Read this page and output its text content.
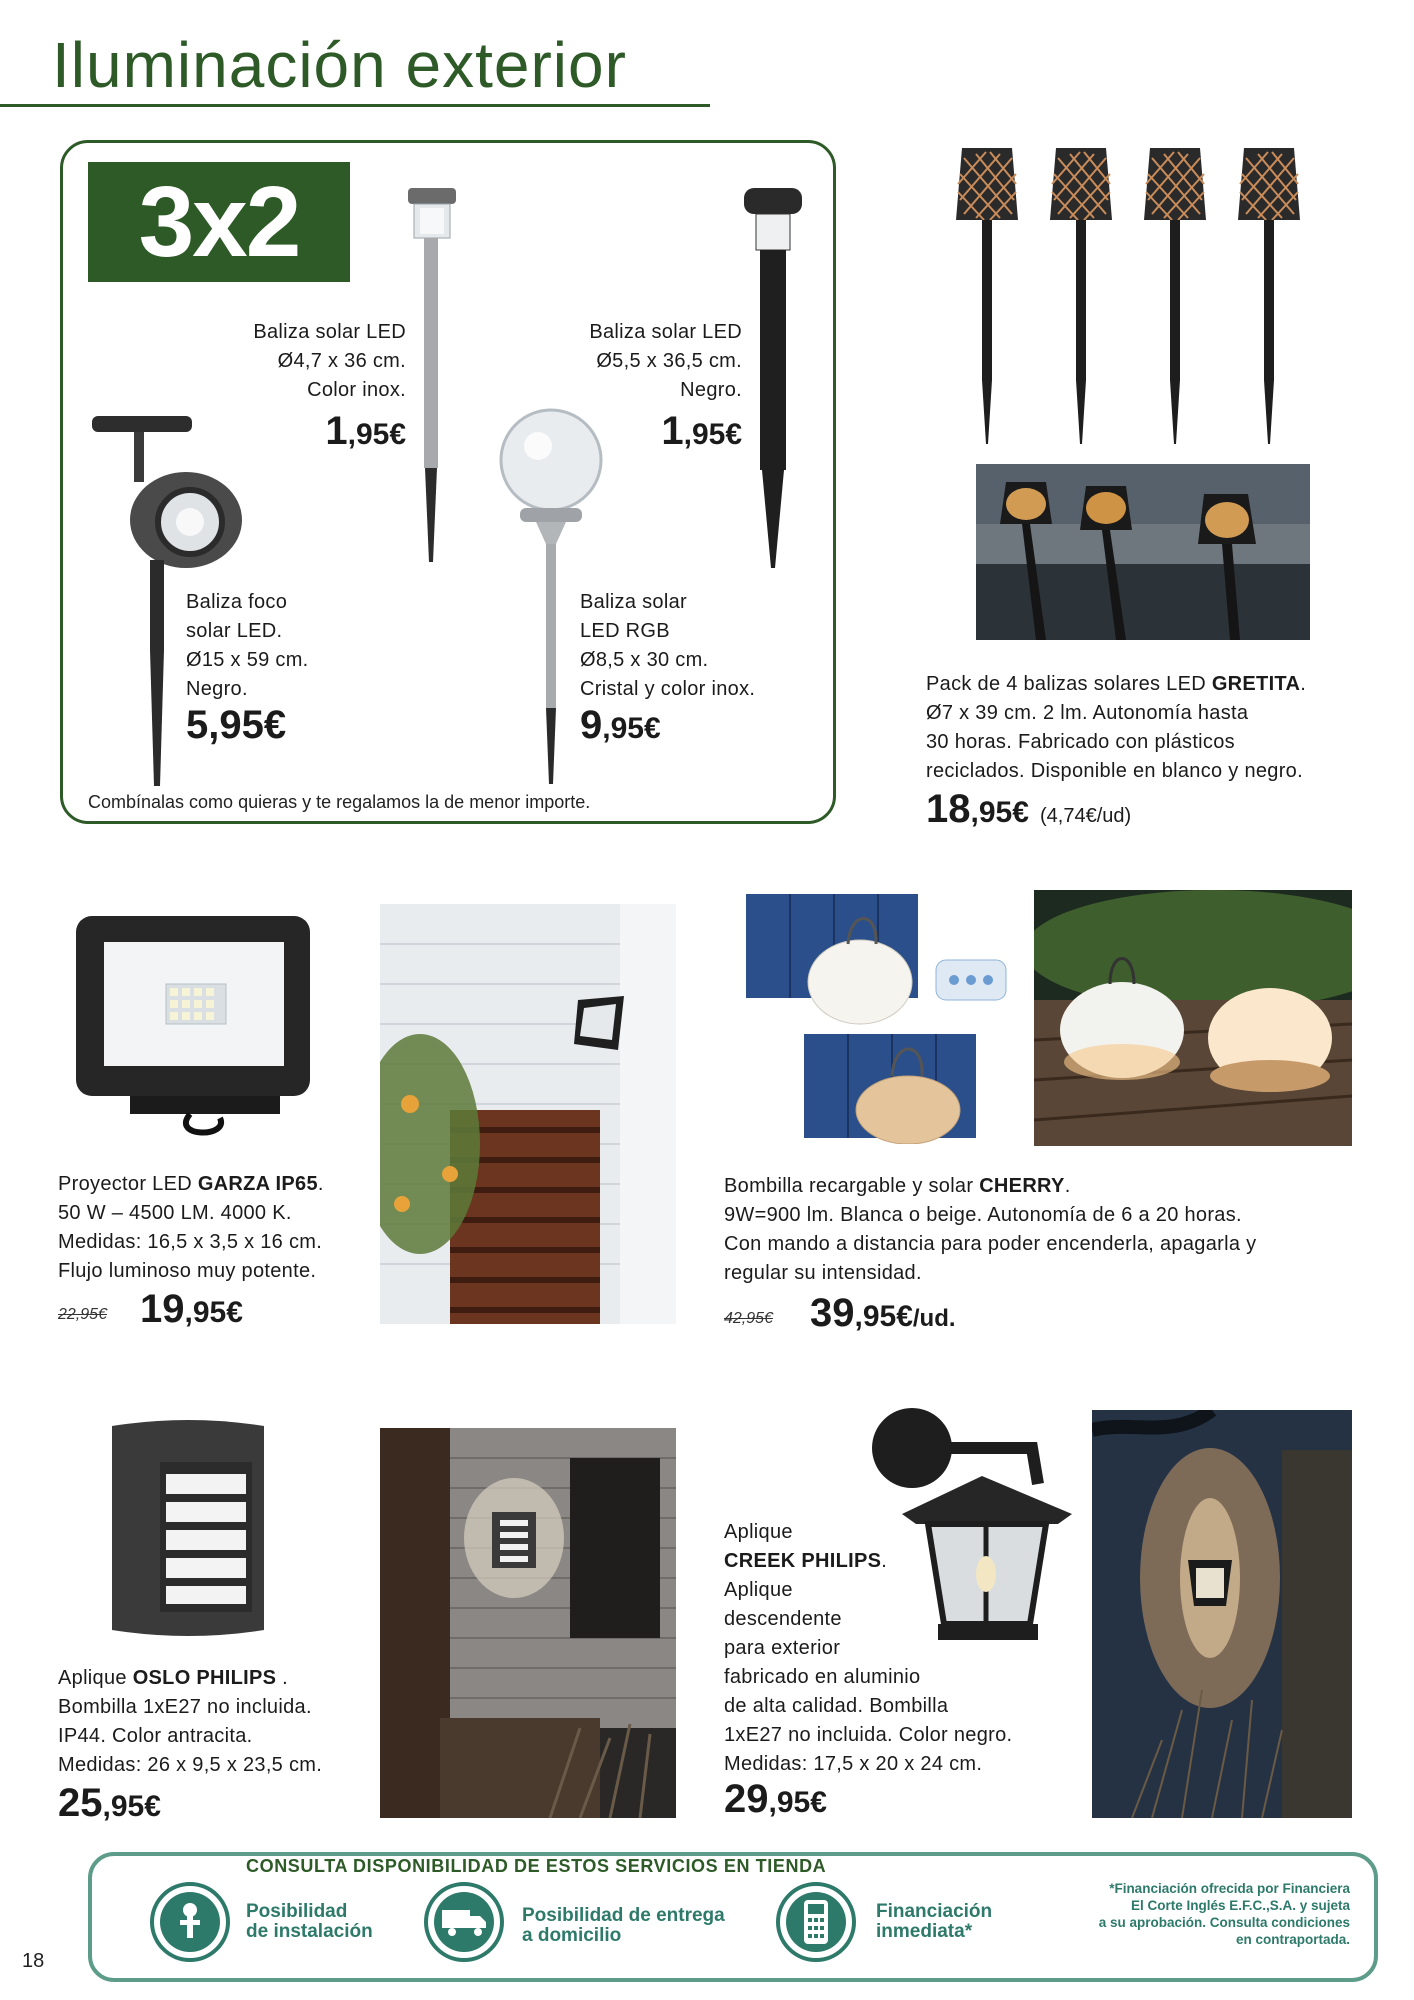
Iluminación exterior
3x2
Baliza solar LED
Ø4,7 x 36 cm.
Color inox.
1,95€
Baliza solar LED
Ø5,5 x 36,5 cm.
Negro.
1,95€
Baliza foco
solar LED.
Ø15 x 59 cm.
Negro.
5,95€
Baliza solar
LED RGB
Ø8,5 x 30 cm.
Cristal y color inox.
9,95€
Combínalas como quieras y te regalamos la de menor importe.
Pack de 4 balizas solares LED GRETITA.
Ø7 x 39 cm. 2 lm. Autonomía hasta
30 horas. Fabricado con plásticos
reciclados. Disponible en blanco y negro.
18,95€ (4,74€/ud)
Proyector LED GARZA IP65.
50 W – 4500 LM. 4000 K.
Medidas: 16,5 x 3,5 x 16 cm.
Flujo luminoso muy potente.
22,95€ 19,95€
Bombilla recargable y solar CHERRY.
9W=900 lm. Blanca o beige. Autonomía de 6 a 20 horas.
Con mando a distancia para poder encenderla, apagarla y
regular su intensidad.
42,95€ 39,95€/ud.
Aplique OSLO PHILIPS .
Bombilla 1xE27 no incluida.
IP44. Color antracita.
Medidas: 26 x 9,5 x 23,5 cm.
25,95€
Aplique
CREEK PHILIPS.
Aplique
descendente
para exterior
fabricado en aluminio
de alta calidad. Bombilla
1xE27 no incluida. Color negro.
Medidas: 17,5 x 20 x 24 cm.
29,95€
CONSULTA DISPONIBILIDAD DE ESTOS SERVICIOS EN TIENDA
Posibilidad
de instalación
Posibilidad de entrega
a domicilio
Financiación
inmediata*
*Financiación ofrecida por Financiera
El Corte Inglés E.F.C.,S.A. y sujeta
a su aprobación. Consulta condiciones
en contraportada.
18
